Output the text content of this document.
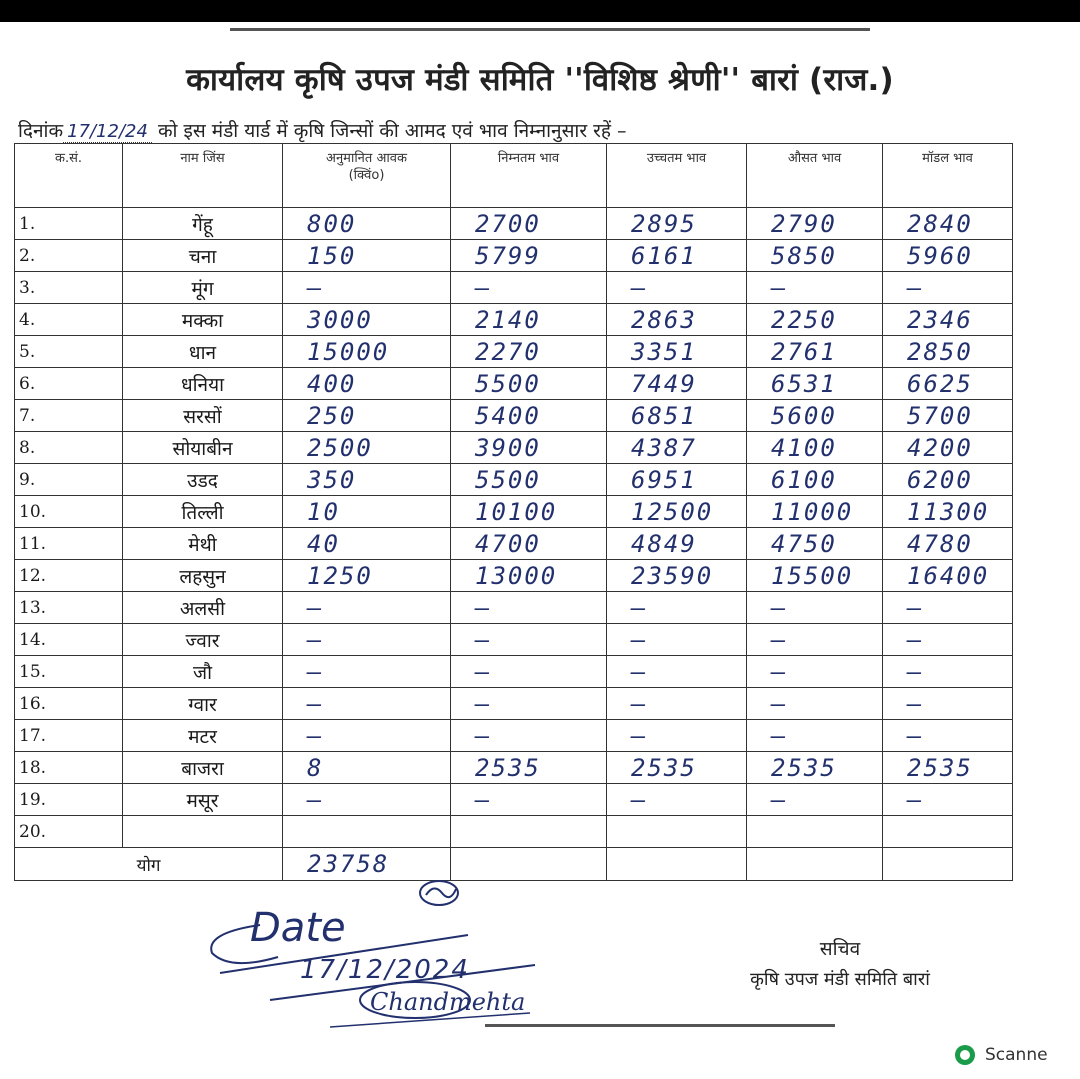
कार्यालय कृषि उपज मंडी समिति ''विशिष्ठ श्रेणी'' बारां (राज.)
दिनांक 17/12/24 को इस मंडी यार्ड में कृषि जिन्सों की आमद एवं भाव निम्नानुसार रहें –
क.सं.	नाम जिंस	अनुमानित आवक (क्विंo)	निम्नतम भाव	उच्चतम भाव	औसत भाव	मॉडल भाव
1.	गेंहू	800	2700	2895	2790	2840
2.	चना	150	5799	6161	5850	5960
3.	मूंग	—	—	—	—	—
4.	मक्का	3000	2140	2863	2250	2346
5.	धान	15000	2270	3351	2761	2850
6.	धनिया	400	5500	7449	6531	6625
7.	सरसों	250	5400	6851	5600	5700
8.	सोयाबीन	2500	3900	4387	4100	4200
9.	उडद	350	5500	6951	6100	6200
10.	तिल्ली	10	10100	12500	11000	11300
11.	मेथी	40	4700	4849	4750	4780
12.	लहसुन	1250	13000	23590	15500	16400
13.	अलसी	—	—	—	—	—
14.	ज्वार	—	—	—	—	—
15.	जौ	—	—	—	—	—
16.	ग्वार	—	—	—	—	—
17.	मटर	—	—	—	—	—
18.	बाजरा	8	2535	2535	2535	2535
19.	मसूर	—	—	—	—	—
20.						
योग		23758				
Date
17/12/2024
Chandmehta
सचिव
कृषि उपज मंडी समिति बारां
Scanne
